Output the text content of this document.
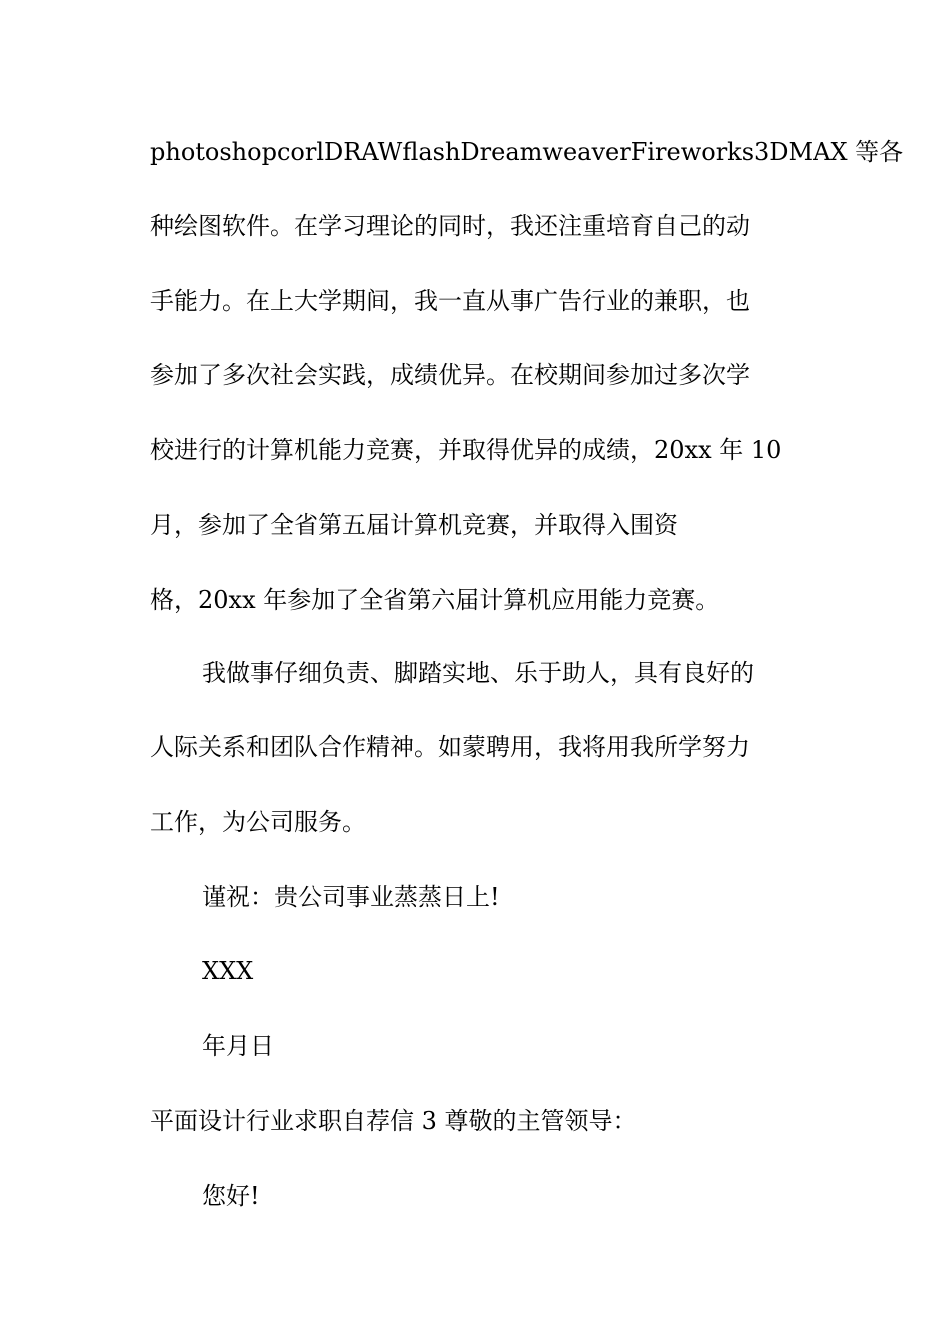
photoshopcorlDRAWflashDreamweaverFireworks3DMAX 等各
种绘图软件。在学习理论的同时，我还注重培育自己的动
手能力。在上大学期间，我一直从事广告行业的兼职，也
参加了多次社会实践，成绩优异。在校期间参加过多次学
校进行的计算机能力竞赛，并取得优异的成绩，20xx 年 10
月，参加了全省第五届计算机竞赛，并取得入围资
格，20xx 年参加了全省第六届计算机应用能力竞赛。
我做事仔细负责、脚踏实地、乐于助人，具有良好的
人际关系和团队合作精神。如蒙聘用，我将用我所学努力
工作，为公司服务。
谨祝：贵公司事业蒸蒸日上!
XXX
年月日
平面设计行业求职自荐信 3 尊敬的主管领导：
您好!
